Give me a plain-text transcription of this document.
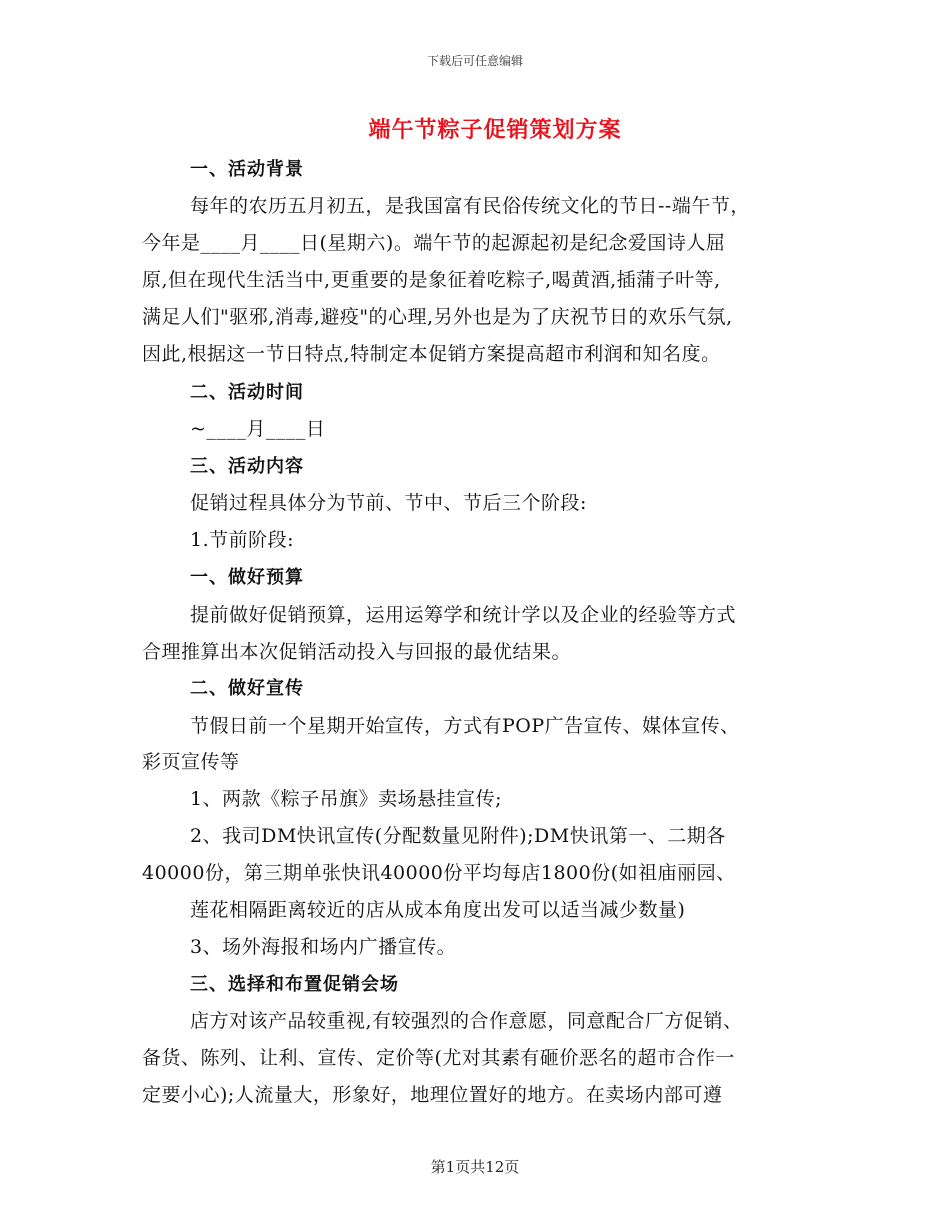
下载后可任意编辑
端午节粽子促销策划方案
一、活动背景
每年的农历五月初五，是我国富有民俗传统文化的节日--端午节，
今年是____月____日(星期六)。端午节的起源起初是纪念爱国诗人屈
原,但在现代生活当中,更重要的是象征着吃粽子,喝黄酒,插蒲子叶等,
满足人们"驱邪,消毒,避疫"的心理,另外也是为了庆祝节日的欢乐气氛,
因此,根据这一节日特点,特制定本促销方案提高超市利润和知名度。
二、活动时间
~____月____日
三、活动内容
促销过程具体分为节前、节中、节后三个阶段:
1.节前阶段:
一、做好预算
提前做好促销预算，运用运筹学和统计学以及企业的经验等方式
合理推算出本次促销活动投入与回报的最优结果。
二、做好宣传
节假日前一个星期开始宣传，方式有POP广告宣传、媒体宣传、
彩页宣传等
1、两款《粽子吊旗》卖场悬挂宣传;
2、我司DM快讯宣传(分配数量见附件);DM快讯第一、二期各
40000份，第三期单张快讯40000份平均每店1800份(如祖庙丽园、
莲花相隔距离较近的店从成本角度出发可以适当减少数量)
3、场外海报和场内广播宣传。
三、选择和布置促销会场
店方对该产品较重视,有较强烈的合作意愿，同意配合厂方促销、
备货、陈列、让利、宣传、定价等(尤对其素有砸价恶名的超市合作一
定要小心);人流量大，形象好，地理位置好的地方。在卖场内部可遵
第1页共12页
